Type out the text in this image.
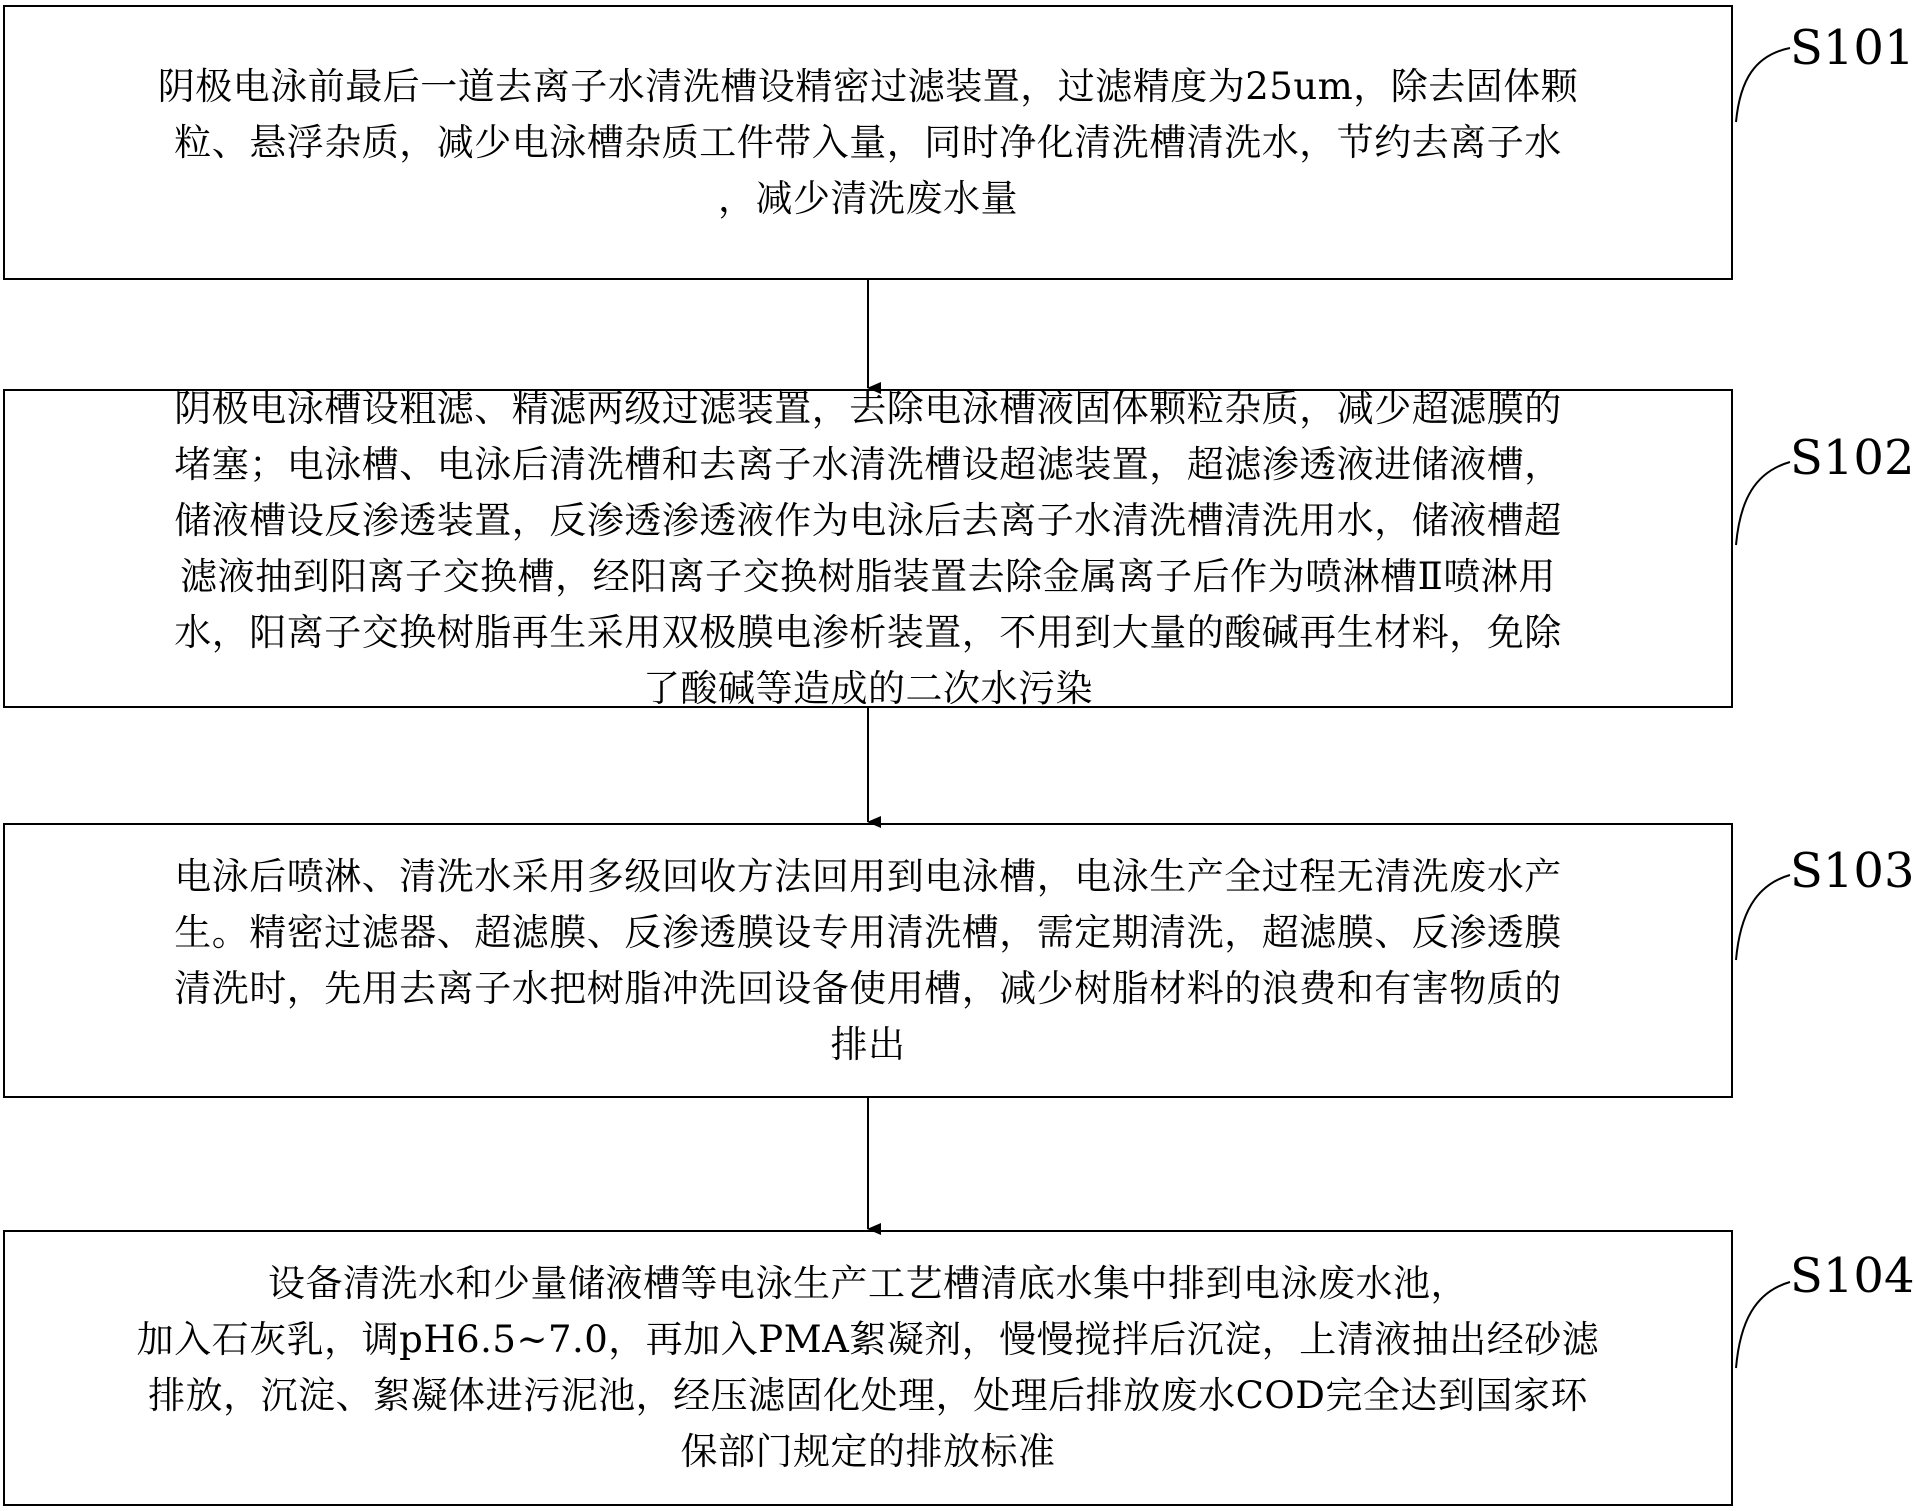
阴极电泳前最后一道去离子水清洗槽设精密过滤装置，过滤精度为25um，除去固体颗
粒、悬浮杂质，减少电泳槽杂质工件带入量，同时净化清洗槽清洗水，节约去离子水
，减少清洗废水量
阴极电泳槽设粗滤、精滤两级过滤装置，去除电泳槽液固体颗粒杂质，减少超滤膜的
堵塞；电泳槽、电泳后清洗槽和去离子水清洗槽设超滤装置，超滤渗透液进储液槽，
储液槽设反渗透装置，反渗透渗透液作为电泳后去离子水清洗槽清洗用水，储液槽超
滤液抽到阳离子交换槽，经阳离子交换树脂装置去除金属离子后作为喷淋槽Ⅱ喷淋用
水，阳离子交换树脂再生采用双极膜电渗析装置，不用到大量的酸碱再生材料，免除
了酸碱等造成的二次水污染
电泳后喷淋、清洗水采用多级回收方法回用到电泳槽，电泳生产全过程无清洗废水产
生。精密过滤器、超滤膜、反渗透膜设专用清洗槽，需定期清洗，超滤膜、反渗透膜
清洗时，先用去离子水把树脂冲洗回设备使用槽，减少树脂材料的浪费和有害物质的
排出
设备清洗水和少量储液槽等电泳生产工艺槽清底水集中排到电泳废水池，
加入石灰乳，调pH6.5~7.0，再加入PMA絮凝剂，慢慢搅拌后沉淀，上清液抽出经砂滤
排放，沉淀、絮凝体进污泥池，经压滤固化处理，处理后排放废水COD完全达到国家环
保部门规定的排放标准
S101
S102
S103
S104
